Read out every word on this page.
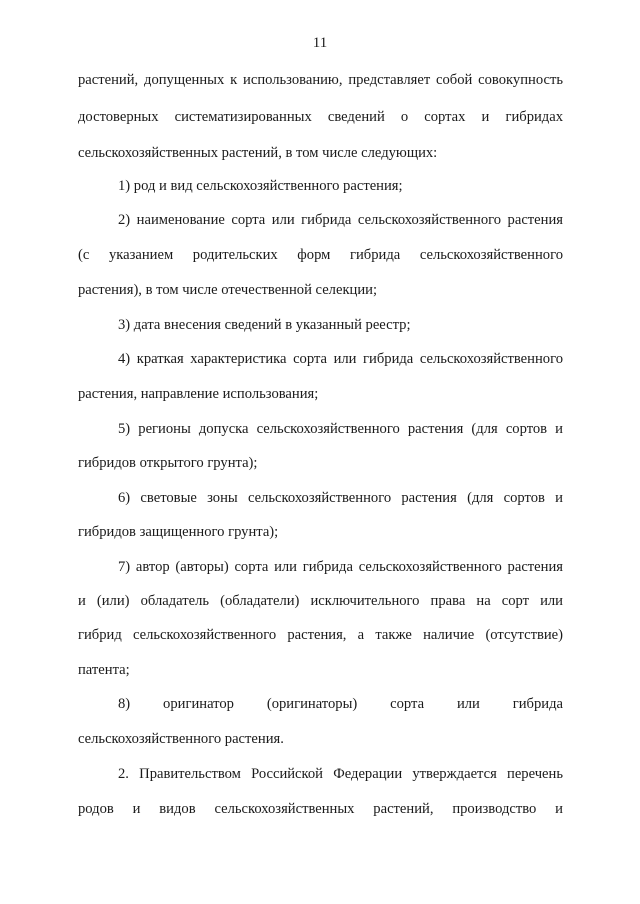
11
растений, допущенных к использованию, представляет собой совокупность
достоверных систематизированных сведений о сортах и гибридах
сельскохозяйственных растений, в том числе следующих:
1) род и вид сельскохозяйственного растения;
2) наименование сорта или гибрида сельскохозяйственного растения
(с указанием родительских форм гибрида сельскохозяйственного
растения), в том числе отечественной селекции;
3) дата внесения сведений в указанный реестр;
4) краткая характеристика сорта или гибрида сельскохозяйственного
растения, направление использования;
5) регионы допуска сельскохозяйственного растения (для сортов и
гибридов открытого грунта);
6) световые зоны сельскохозяйственного растения (для сортов и
гибридов защищенного грунта);
7) автор (авторы) сорта или гибрида сельскохозяйственного растения
и (или) обладатель (обладатели) исключительного права на сорт или
гибрид сельскохозяйственного растения, а также наличие (отсутствие)
патента;
8) оригинатор (оригинаторы) сорта или гибрида
сельскохозяйственного растения.
2. Правительством Российской Федерации утверждается перечень
родов и видов сельскохозяйственных растений, производство и
